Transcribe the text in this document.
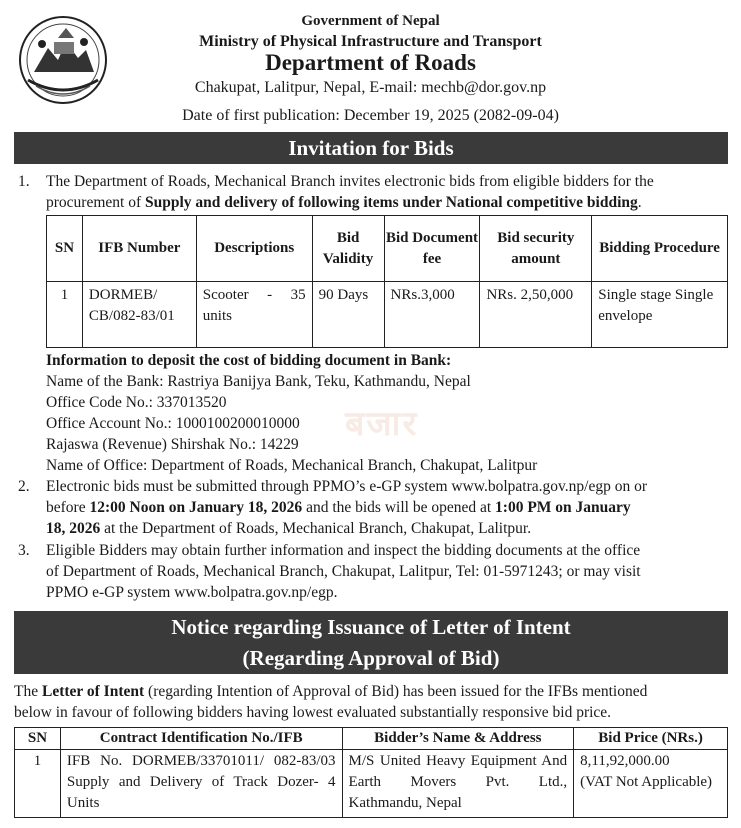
Government of Nepal
Ministry of Physical Infrastructure and Transport
Department of Roads
Chakupat, Lalitpur, Nepal, E-mail: mechb@dor.gov.np
Date of first publication: December 19, 2025 (2082-09-04)
Invitation for Bids
1. The Department of Roads, Mechanical Branch invites electronic bids from eligible bidders for the
procurement of Supply and delivery of following items under National competitive bidding.
SN	IFB Number	Descriptions	Bid Validity	Bid Document fee	Bid security amount	Bidding Procedure
1	DORMEB/ CB/082-83/01	Scooter - 35 units	90 Days	NRs.3,000	NRs. 2,50,000	Single stage Single envelope
Information to deposit the cost of bidding document in Bank:
Name of the Bank: Rastriya Banijya Bank, Teku, Kathmandu, Nepal
Office Code No.: 337013520
Office Account No.: 1000100200010000
Rajaswa (Revenue) Shirshak No.: 14229
Name of Office: Department of Roads, Mechanical Branch, Chakupat, Lalitpur
बजार
2. Electronic bids must be submitted through PPMO’s e-GP system www.bolpatra.gov.np/egp on or
before 12:00 Noon on January 18, 2026 and the bids will be opened at 1:00 PM on January
18, 2026 at the Department of Roads, Mechanical Branch, Chakupat, Lalitpur.
3. Eligible Bidders may obtain further information and inspect the bidding documents at the office
of Department of Roads, Mechanical Branch, Chakupat, Lalitpur, Tel: 01-5971243; or may visit
PPMO e-GP system www.bolpatra.gov.np/egp.
Notice regarding Issuance of Letter of Intent
(Regarding Approval of Bid)
The Letter of Intent (regarding Intention of Approval of Bid) has been issued for the IFBs mentioned
below in favour of following bidders having lowest evaluated substantially responsive bid price.
SN	Contract Identification No./IFB	Bidder’s Name & Address	Bid Price (NRs.)
1	IFB No. DORMEB/33701011/ 082-83/03 Supply and Delivery of Track Dozer- 4 Units	M/S United Heavy Equipment And Earth Movers Pvt. Ltd., Kathmandu, Nepal	8,11,92,000.00
(VAT Not Applicable)
